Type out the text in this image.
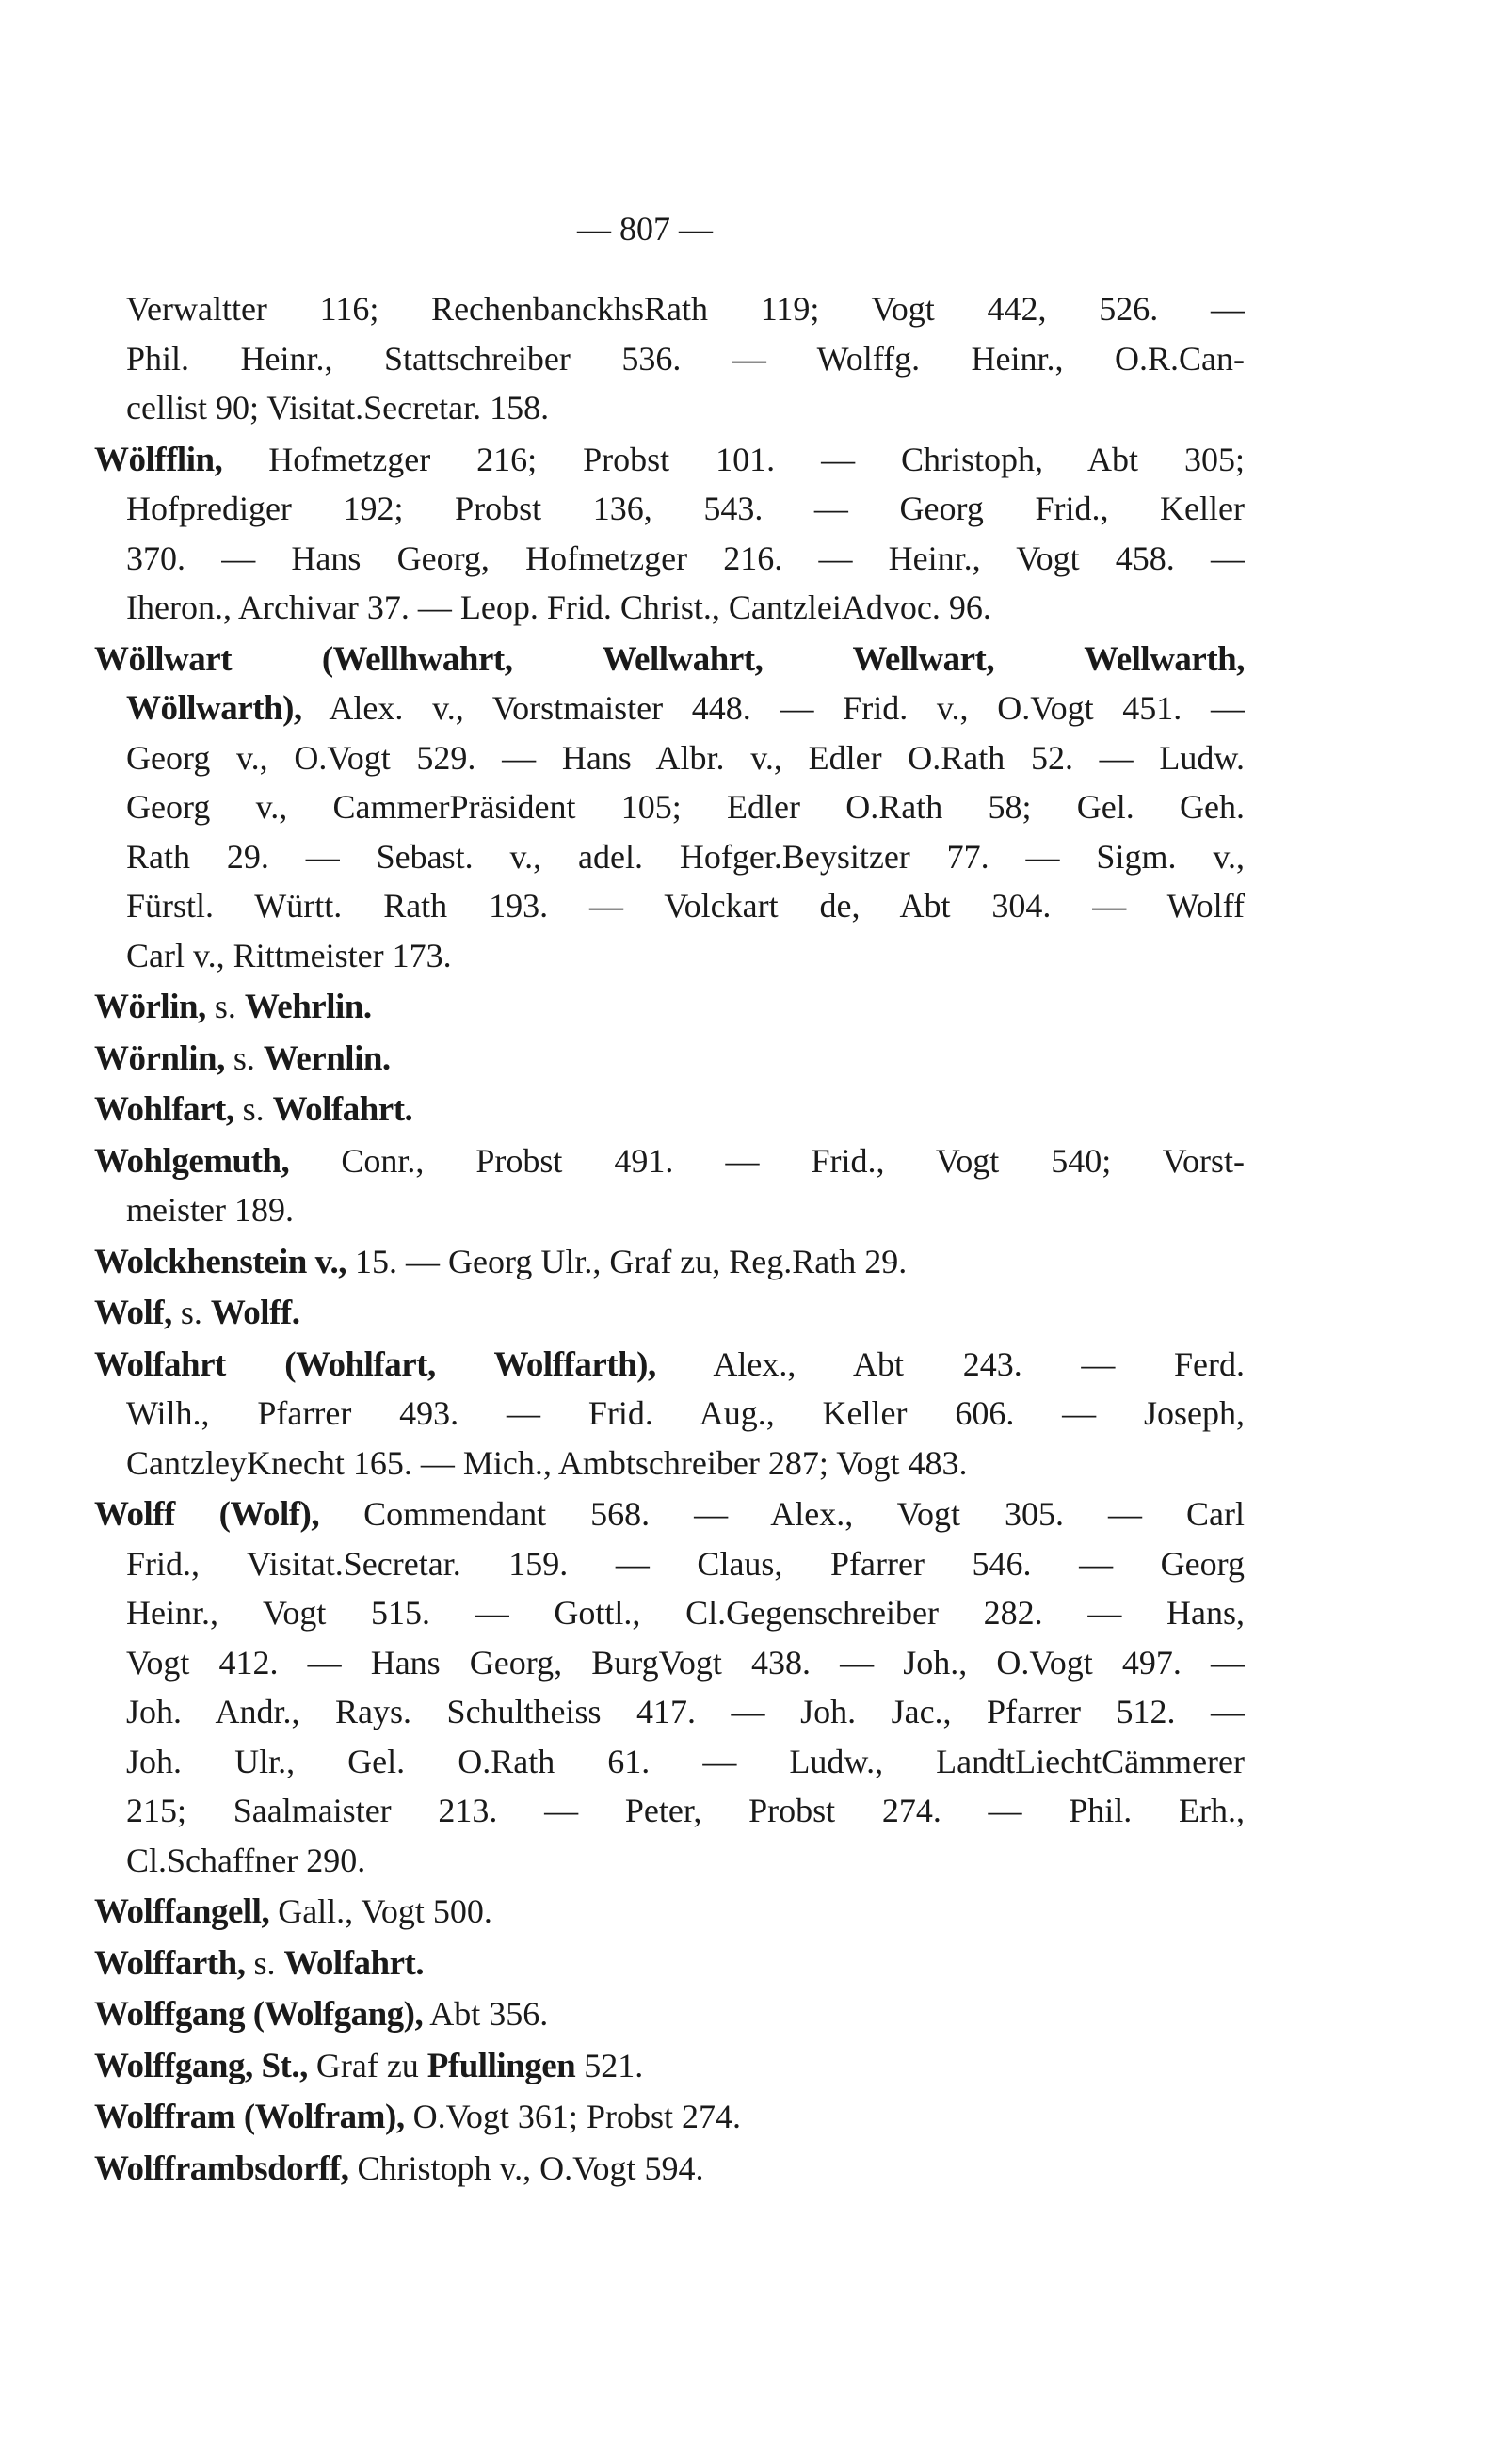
— 807 —
Verwaltter 116; RechenbanckhsRath 119; Vogt 442, 526. —
Phil. Heinr., Stattschreiber 536. — Wolffg. Heinr., O.R.Can-
cellist 90; Visitat.Secretar. 158.
Wölfflin, Hofmetzger 216; Probst 101. — Christoph, Abt 305;
Hofprediger 192; Probst 136, 543. — Georg Frid., Keller
370. — Hans Georg, Hofmetzger 216. — Heinr., Vogt 458. —
Iheron., Archivar 37. — Leop. Frid. Christ., CantzleiAdvoc. 96.
Wöllwart (Wellhwahrt, Wellwahrt, Wellwart, Wellwarth,
Wöllwarth), Alex. v., Vorstmaister 448. — Frid. v., O.Vogt 451. —
Georg v., O.Vogt 529. — Hans Albr. v., Edler O.Rath 52. — Ludw.
Georg v., CammerPräsident 105; Edler O.Rath 58; Gel. Geh.
Rath 29. — Sebast. v., adel. Hofger.Beysitzer 77. — Sigm. v.,
Fürstl. Württ. Rath 193. — Volckart de, Abt 304. — Wolff
Carl v., Rittmeister 173.
Wörlin, s. Wehrlin.
Wörnlin, s. Wernlin.
Wohlfart, s. Wolfahrt.
Wohlgemuth, Conr., Probst 491. — Frid., Vogt 540; Vorst-
meister 189.
Wolckhenstein v., 15. — Georg Ulr., Graf zu, Reg.Rath 29.
Wolf, s. Wolff.
Wolfahrt (Wohlfart, Wolffarth), Alex., Abt 243. — Ferd.
Wilh., Pfarrer 493. — Frid. Aug., Keller 606. — Joseph,
CantzleyKnecht 165. — Mich., Ambtschreiber 287; Vogt 483.
Wolff (Wolf), Commendant 568. — Alex., Vogt 305. — Carl
Frid., Visitat.Secretar. 159. — Claus, Pfarrer 546. — Georg
Heinr., Vogt 515. — Gottl., Cl.Gegenschreiber 282. — Hans,
Vogt 412. — Hans Georg, BurgVogt 438. — Joh., O.Vogt 497. —
Joh. Andr., Rays. Schultheiss 417. — Joh. Jac., Pfarrer 512. —
Joh. Ulr., Gel. O.Rath 61. — Ludw., LandtLiechtCämmerer
215; Saalmaister 213. — Peter, Probst 274. — Phil. Erh.,
Cl.Schaffner 290.
Wolffangell, Gall., Vogt 500.
Wolffarth, s. Wolfahrt.
Wolffgang (Wolfgang), Abt 356.
Wolffgang, St., Graf zu Pfullingen 521.
Wolffram (Wolfram), O.Vogt 361; Probst 274.
Wolfframbsdorff, Christoph v., O.Vogt 594.
